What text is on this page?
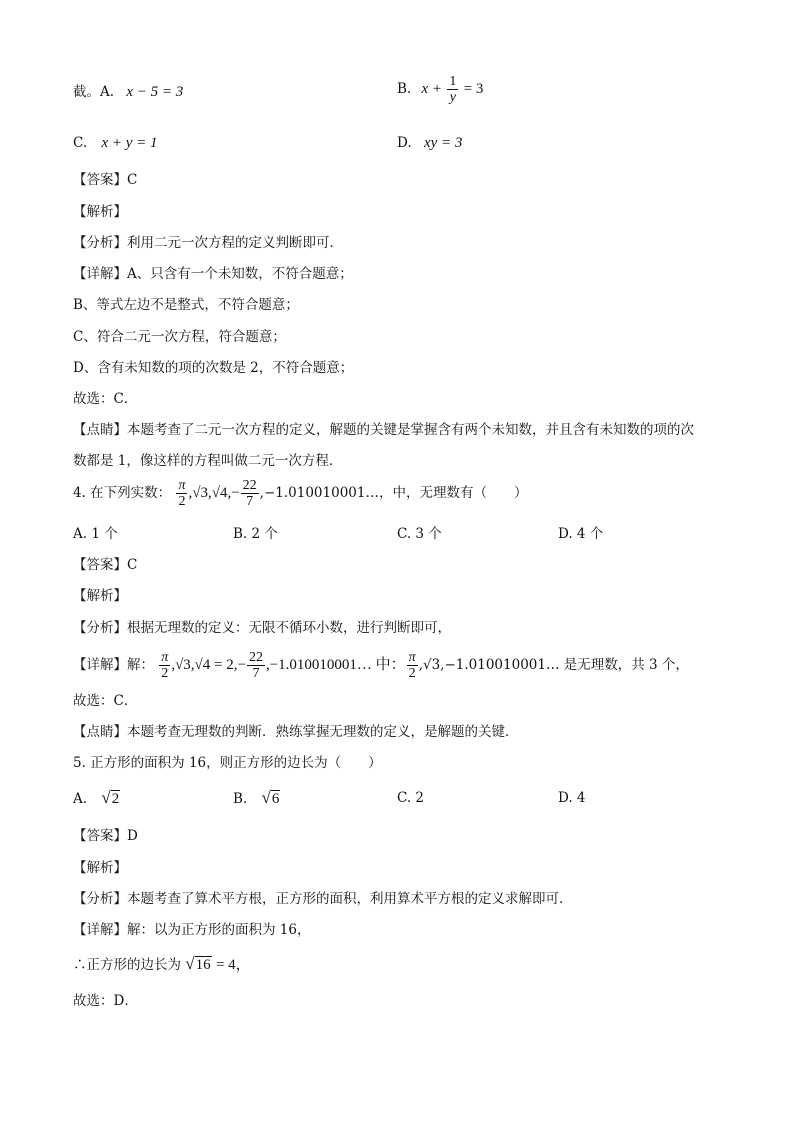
截。A. x − 5 = 3	B. $x + \frac{1}{y} = 3$
C. x + y = 1	D. xy = 3
【答案】C
【解析】
【分析】利用二元一次方程的定义判断即可．
【详解】A、只含有一个未知数，不符合题意；
B、等式左边不是整式，不符合题意；
C、符合二元一次方程，符合题意；
D、含有未知数的项的次数是 2，不符合题意；
故选：C．
【点睛】本题考查了二元一次方程的定义，解题的关键是掌握含有两个未知数，并且含有未知数的项的次
数都是 1，像这样的方程叫做二元一次方程．
4. 在下列实数： $\frac{\pi}{2} ,√3,√4,- \frac{22}{7}$ ,−1.010010001…，中，无理数有（　　）
A. 1 个	B. 2 个	C. 3 个	D. 4 个
【答案】C
【解析】
【分析】根据无理数的定义：无限不循环小数，进行判断即可，
【详解】解： $\frac{\pi}{2} ,√3,√4 = 2,- \frac{22}{7}$ ,−1.010010001… 中： $\frac{\pi}{2}$ ,√3,−1.010010001… 是无理数，共 3 个，
故选：C．
【点睛】本题考查无理数的判断．熟练掌握无理数的定义，是解题的关键．
5. 正方形的面积为 16，则正方形的边长为（　　）
A. √2	B. √6	C. 2	D. 4
【答案】D
【解析】
【分析】本题考查了算术平方根，正方形的面积，利用算术平方根的定义求解即可．
【详解】解：以为正方形的面积为 16，
∴正方形的边长为 √16 = 4，
故选：D．
